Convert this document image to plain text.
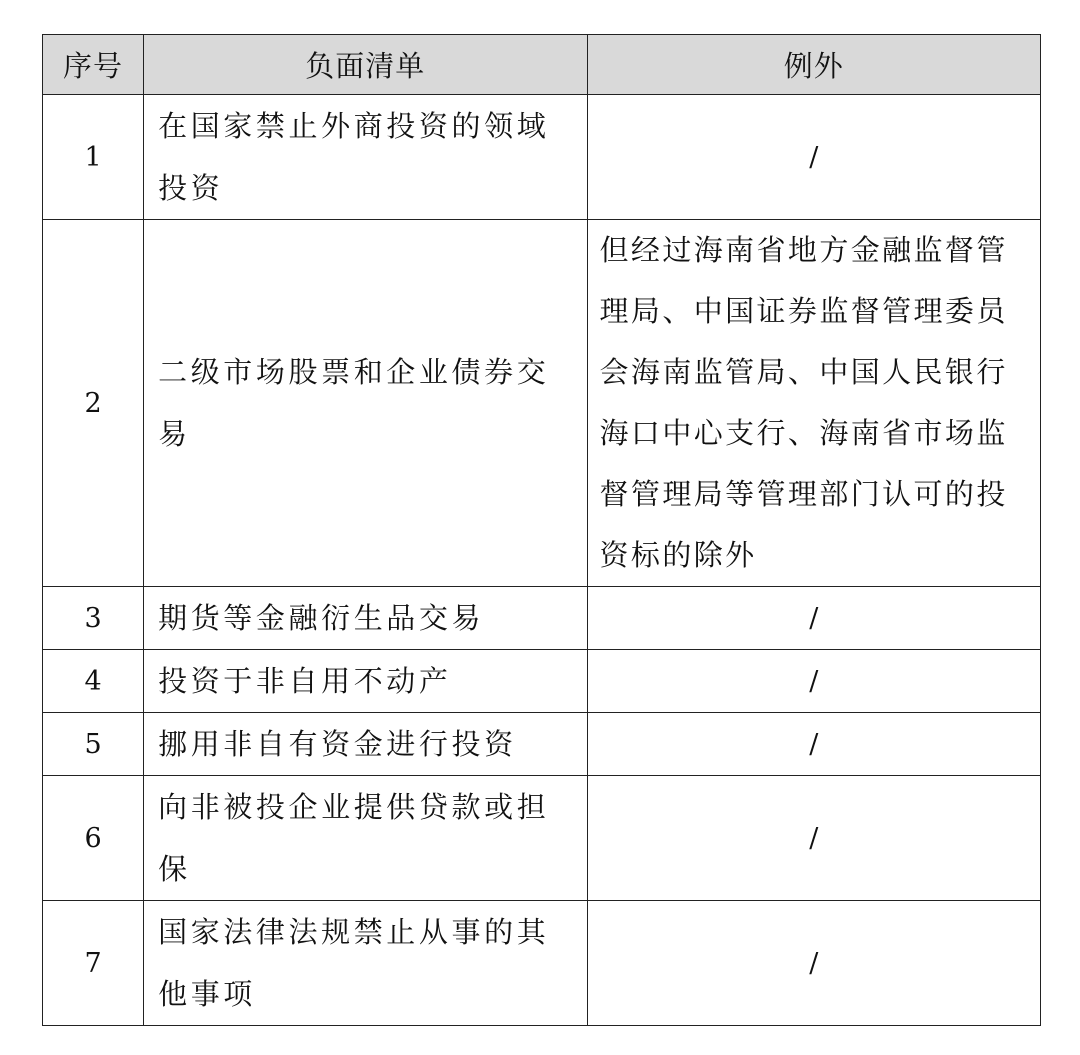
序号	负面清单	例外
1	在国家禁止外商投资的领域投资	/
2	二级市场股票和企业债券交易	但经过海南省地方金融监督管理局、中国证券监督管理委员会海南监管局、中国人民银行海口中心支行、海南省市场监督管理局等管理部门认可的投资标的除外
3	期货等金融衍生品交易	/
4	投资于非自用不动产	/
5	挪用非自有资金进行投资	/
6	向非被投企业提供贷款或担保	/
7	国家法律法规禁止从事的其他事项	/
